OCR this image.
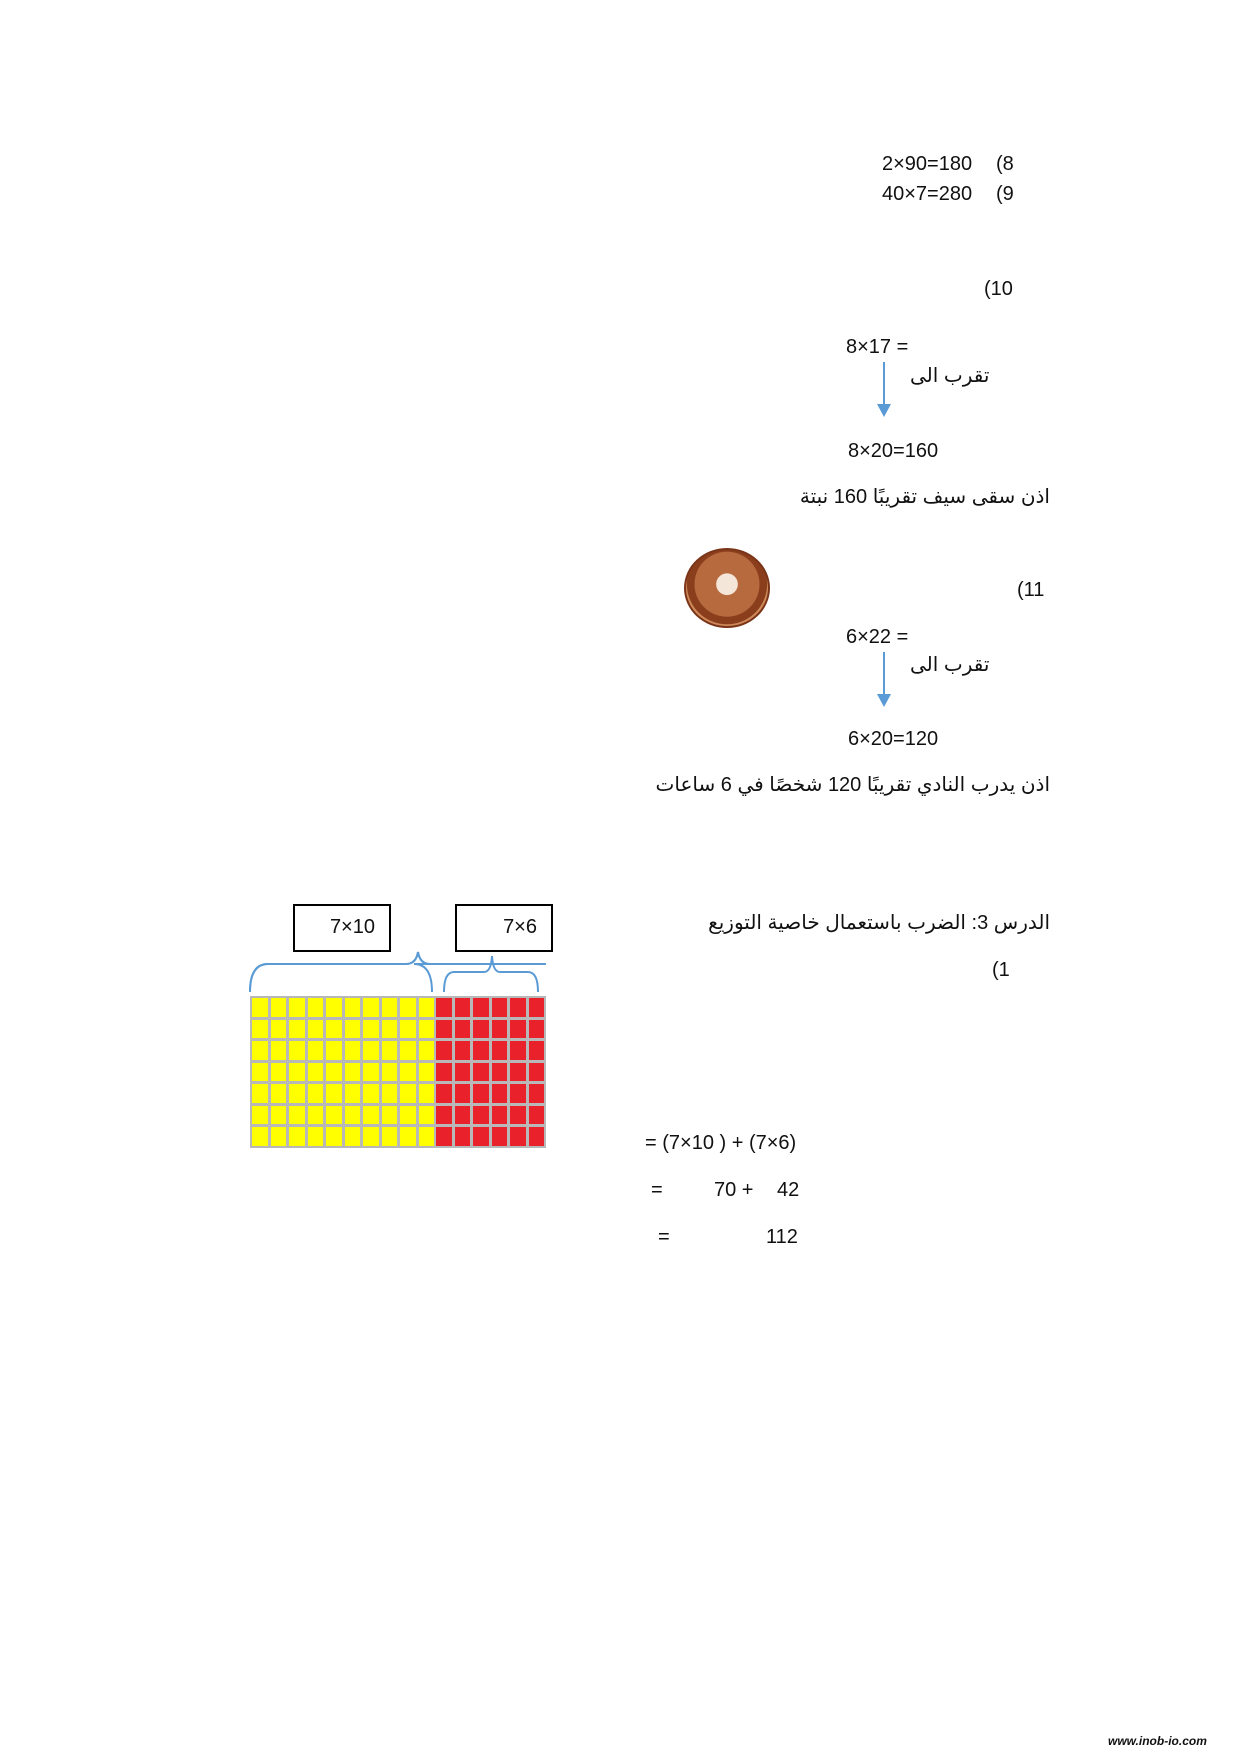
2×90=180 (8
40×7=280 (9
(10
8×17 =
تقرب الى
8×20=160
اذن سقى سيف تقريبًا 160 نبتة
(11
6×22 =
تقرب الى
6×20=120
اذن يدرب النادي تقريبًا 120 شخصًا في 6 ساعات
الدرس 3: الضرب باستعمال خاصية التوزيع
(1
7×10	7×6
= (7×10 ) + (7×6)
=	70 + 42
=	112
www.inob-io.com
